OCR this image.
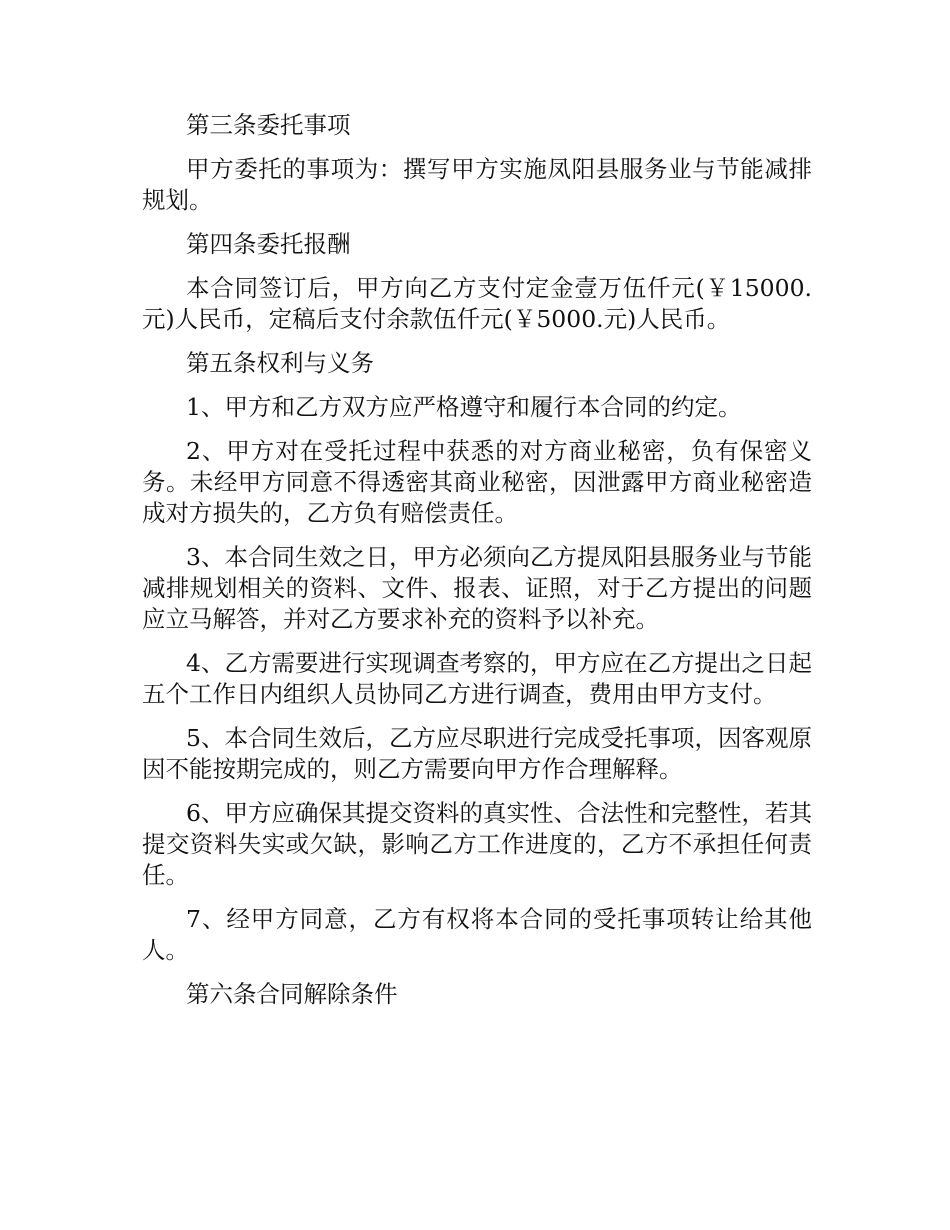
第三条委托事项

甲方委托的事项为：撰写甲方实施凤阳县服务业与节能减排规划。

第四条委托报酬

本合同签订后，甲方向乙方支付定金壹万伍仟元(￥15000.元)人民币，定稿后支付余款伍仟元(￥5000.元)人民币。

第五条权利与义务

1、甲方和乙方双方应严格遵守和履行本合同的约定。

2、甲方对在受托过程中获悉的对方商业秘密，负有保密义务。未经甲方同意不得透密其商业秘密，因泄露甲方商业秘密造成对方损失的，乙方负有赔偿责任。

3、本合同生效之日，甲方必须向乙方提凤阳县服务业与节能减排规划相关的资料、文件、报表、证照，对于乙方提出的问题应立马解答，并对乙方要求补充的资料予以补充。

4、乙方需要进行实现调查考察的，甲方应在乙方提出之日起五个工作日内组织人员协同乙方进行调查，费用由甲方支付。

5、本合同生效后，乙方应尽职进行完成受托事项，因客观原因不能按期完成的，则乙方需要向甲方作合理解释。

6、甲方应确保其提交资料的真实性、合法性和完整性，若其提交资料失实或欠缺，影响乙方工作进度的，乙方不承担任何责任。

7、经甲方同意，乙方有权将本合同的受托事项转让给其他人。

第六条合同解除条件
